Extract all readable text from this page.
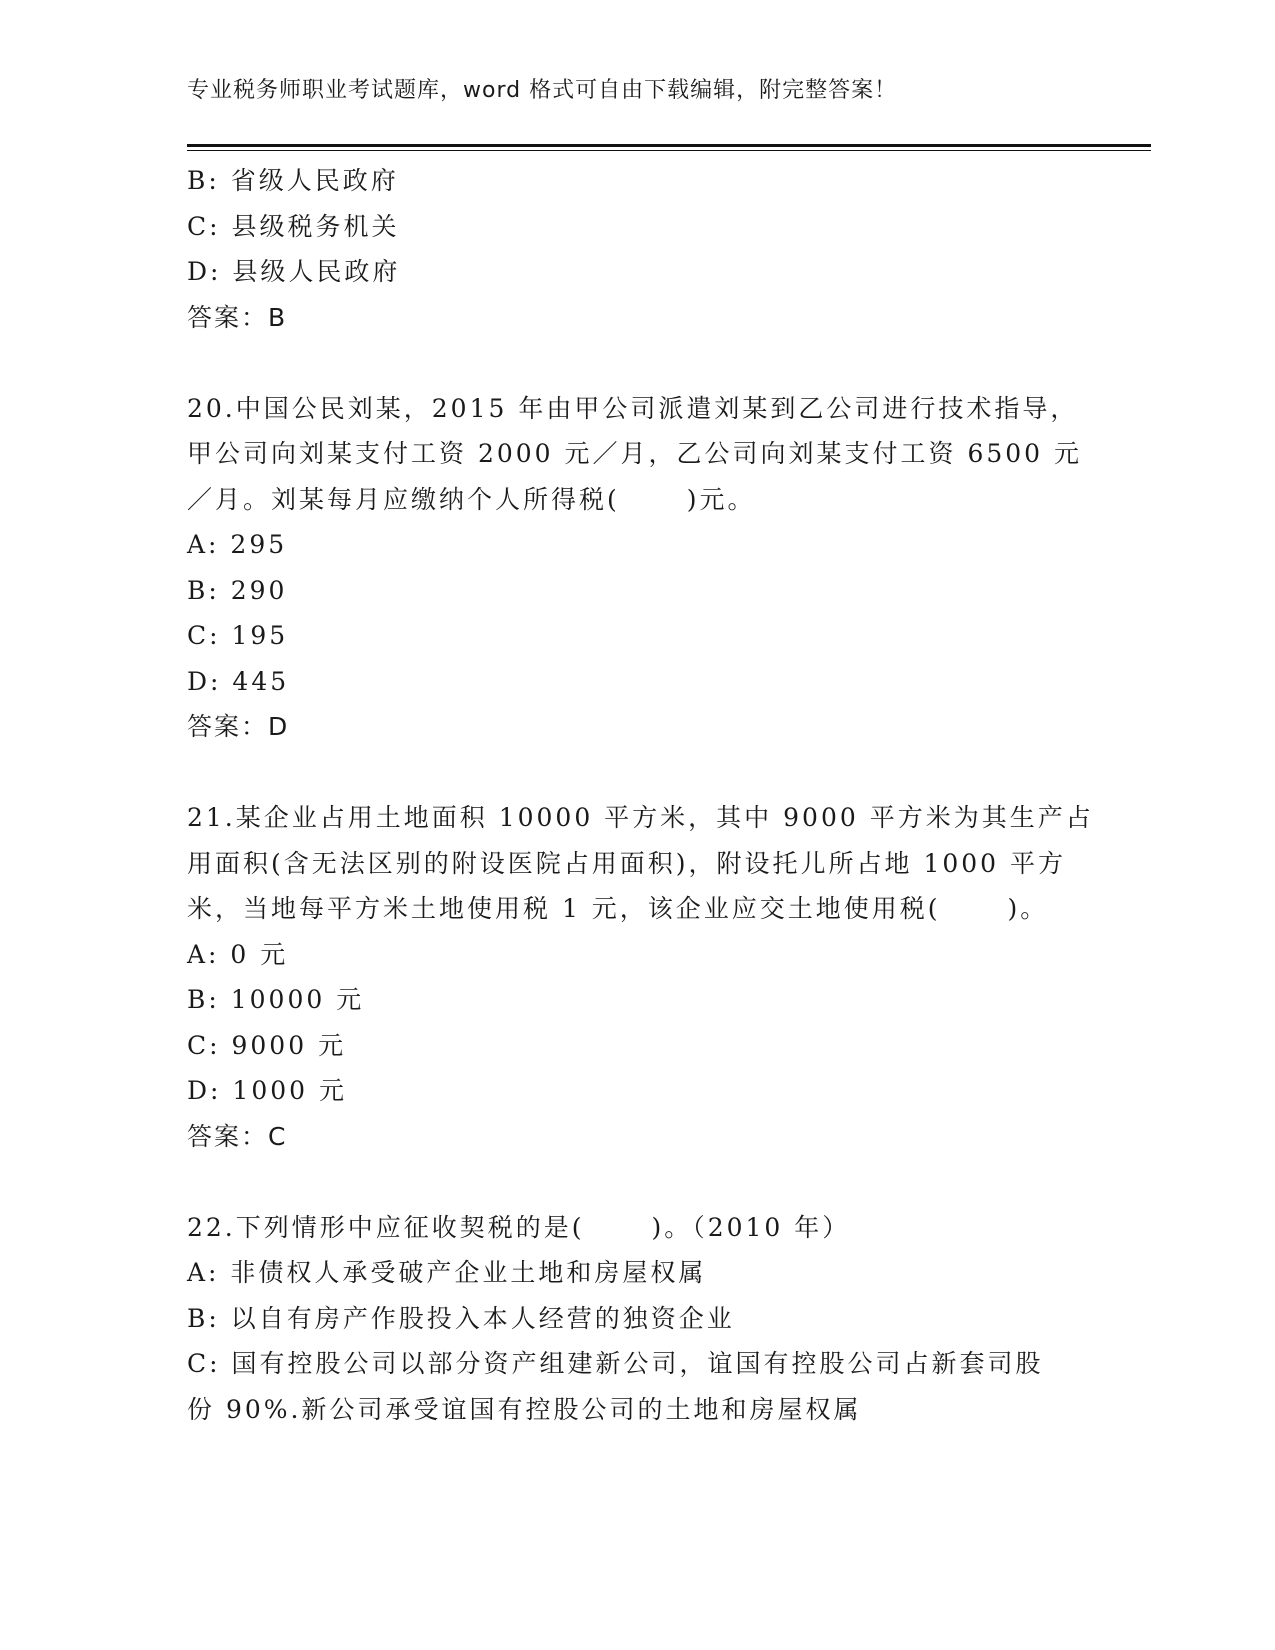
专业税务师职业考试题库，word 格式可自由下载编辑，附完整答案！
B: 省级人民政府
C: 县级税务机关
D: 县级人民政府
答案：B
20.中国公民刘某，2015 年由甲公司派遣刘某到乙公司进行技术指导，
甲公司向刘某支付工资 2000 元／月，乙公司向刘某支付工资 6500 元
／月。刘某每月应缴纳个人所得税(　　 )元。
A: 295
B: 290
C: 195
D: 445
答案：D
21.某企业占用土地面积 10000 平方米，其中 9000 平方米为其生产占
用面积(含无法区别的附设医院占用面积)，附设托儿所占地 1000 平方
米，当地每平方米土地使用税 1 元，该企业应交土地使用税(　　 )。
A: 0 元
B: 10000 元
C: 9000 元
D: 1000 元
答案：C
22.下列情形中应征收契税的是(　　 )。（2010 年）
A: 非债权人承受破产企业土地和房屋权属
B: 以自有房产作股投入本人经营的独资企业
C: 国有控股公司以部分资产组建新公司，谊国有控股公司占新套司股
份 90%.新公司承受谊国有控股公司的土地和房屋权属
